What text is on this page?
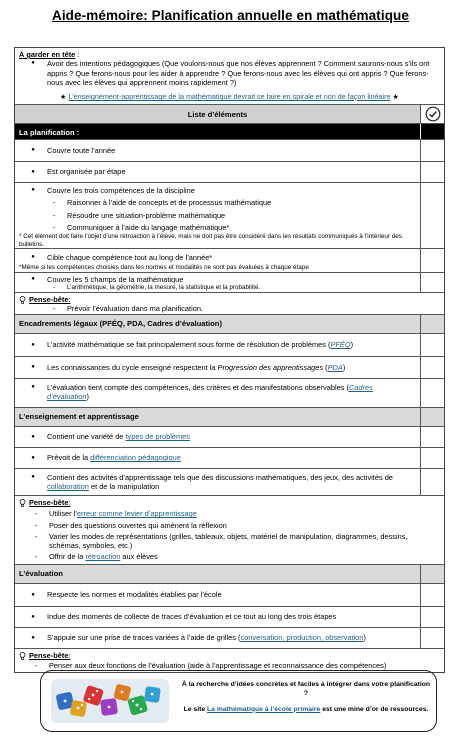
Aide-mémoire: Planification annuelle en mathématique
À garder en tête :
●	Avoir des intentions pédagogiques (Que voulons-nous que nos élèves apprennent ? Comment saurons-nous s’ils ont appris ? Que ferons-nous pour les aider à apprendre ? Que ferons-nous avec les élèves qui ont appris ? Que ferons-nous avec les élèves qui apprennent moins rapidement ?)
★ L’enseignement-apprentissage de la mathématique devrait se faire en spirale et non de façon linéaire ★
Liste d’éléments
La planification :
●	Couvre toute l’année
●	Est organisée par étape
●	Couvre les trois compétences de la discipline
-	Raisonner à l’aide de concepts et de processus mathématique
-	Résoudre une situation-problème mathématique
-	Communiquer à l’aide du langage mathématique*
* Cet élément doit faire l’objet d’une rétroaction à l’élève, mais ne doit pas être considéré dans les résultats communiqués à l’intérieur des bulletins.
●	Cible chaque compétence tout au long de l’année*
*Même si les compétences choisies dans les normes et modalités ne sont pas évaluées à chaque étape
●	Couvre les 5 champs de la mathématique
-	L’arithmétique, la géométrie, la mesure, la statistique et la probabilité.
Pense-bête :
-	Prévoir l’évaluation dans ma planification.
Encadrements légaux (PFÉQ, PDA, Cadres d’évaluation)
●	L’activité mathématique se fait principalement sous forme de résolution de problèmes (PFÉQ)
●	Les connaissances du cycle enseigné respectent la Progression des apprentissages (PDA)
●	L’évaluation tient compte des compétences, des critères et des manifestations observables (Cadres d’évaluation)
L’enseignement et apprentissage
●	Contient une variété de types de problèmes
●	Prévoit de la différenciation pédagogique
●	Contient des activités d’apprentissage tels que des discussions mathématiques, des jeux, des activités de collaboration et de la manipulation
Pense-bête :
-	Utiliser l’erreur comme levier d’apprentissage
-	Poser des questions ouvertes qui amènent la réflexion
-	Varier les modes de représentations (grilles, tableaux, objets, matériel de manipulation, diagrammes, dessins, schémas, symboles, etc.)
-	Offrir de la rétroaction aux élèves
L’évaluation
●	Respecte les normes et modalités établies par l’école
●	Indue des moments de collecte de traces d’évaluation et ce tout au long des trois étapes
●	S’appuie sur une prise de traces variées à l’aide de grilles (conversation, production, observation)
Pense-bête :
-	Penser aux deux fonctions de l’évaluation (aide à l’apprentissage et reconnaissance des compétences)
À la recherche d’idées concrètes et faciles à intégrer dans votre planification ?
Le site La mathématique à l’école primaire est une mine d’or de ressources.
